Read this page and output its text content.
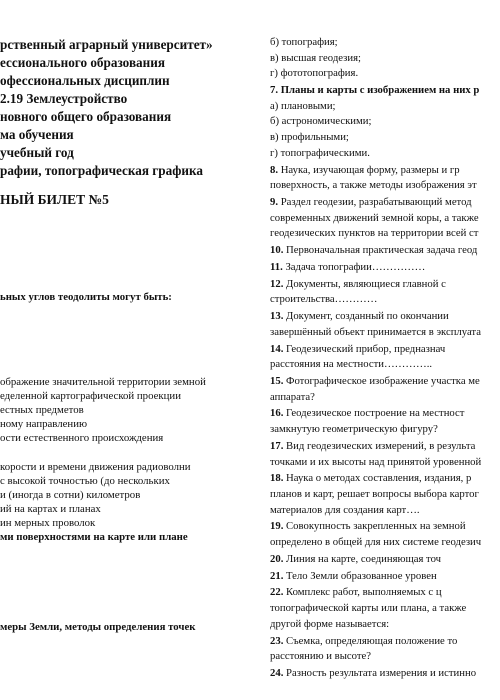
рственный аграрный университет»
ессионального образования
офессиональных дисциплин
2.19 Землеустройство
новного общего образования
ма обучения
учебный год
рафии, топографическая графика
НЫЙ БИЛЕТ №5
ьных углов теодолиты могут быть:
ображение значительной территории земной
еделенной картографической проекции
естных предметов
ному направлению
ости естественного происхождения
корости и времени движения радиоволни
с высокой точностью (до нескольких
и (иногда в сотни) километров
ий на картах и планах
ин мерных проволок
ми поверхностями на карте или плане
меры Земли, методы определения точек
б) топография;
в) высшая геодезия;
г) фототопография.
7. Планы и карты с изображением на них р
а) плановыми;
б) астрономическими;
в) профильными;
г) топографическими.
8. Наука, изучающая форму, размеры и гр
поверхность, а также методы изображения эт
9. Раздел геодезии, разрабатывающий метод
современных движений земной коры, а также
геодезических пунктов на территории всей ст
10. Первоначальная практическая задача геод
11. Задача топографии……………
12. Документы, являющиеся главной с
строительства…………
13. Документ, созданный по окончании
завершённый объект принимается в эксплуата
14. Геодезический прибор, предназнач
расстояния на местности…………..
15. Фотографическое изображение участка ме
аппарата?
16. Геодезическое построение на местност
замкнутую геометрическую фигуру?
17. Вид геодезических измерений, в результа
точками и их высоты над принятой уровенной
18. Наука о методах составления, издания, р
планов и карт, решает вопросы выбора картог
материалов для создания карт….
19. Совокупность закрепленных на земной
определено в общей для них системе геодезич
20. Линия на карте, соединяющая точ
21. Тело Земли образованное уровен
22. Комплекс работ, выполняемых с ц
топографической карты или плана, а также
другой форме называется:
23. Съемка, определяющая положение то
расстоянию и высоте?
24. Разность результата измерения и истинно
